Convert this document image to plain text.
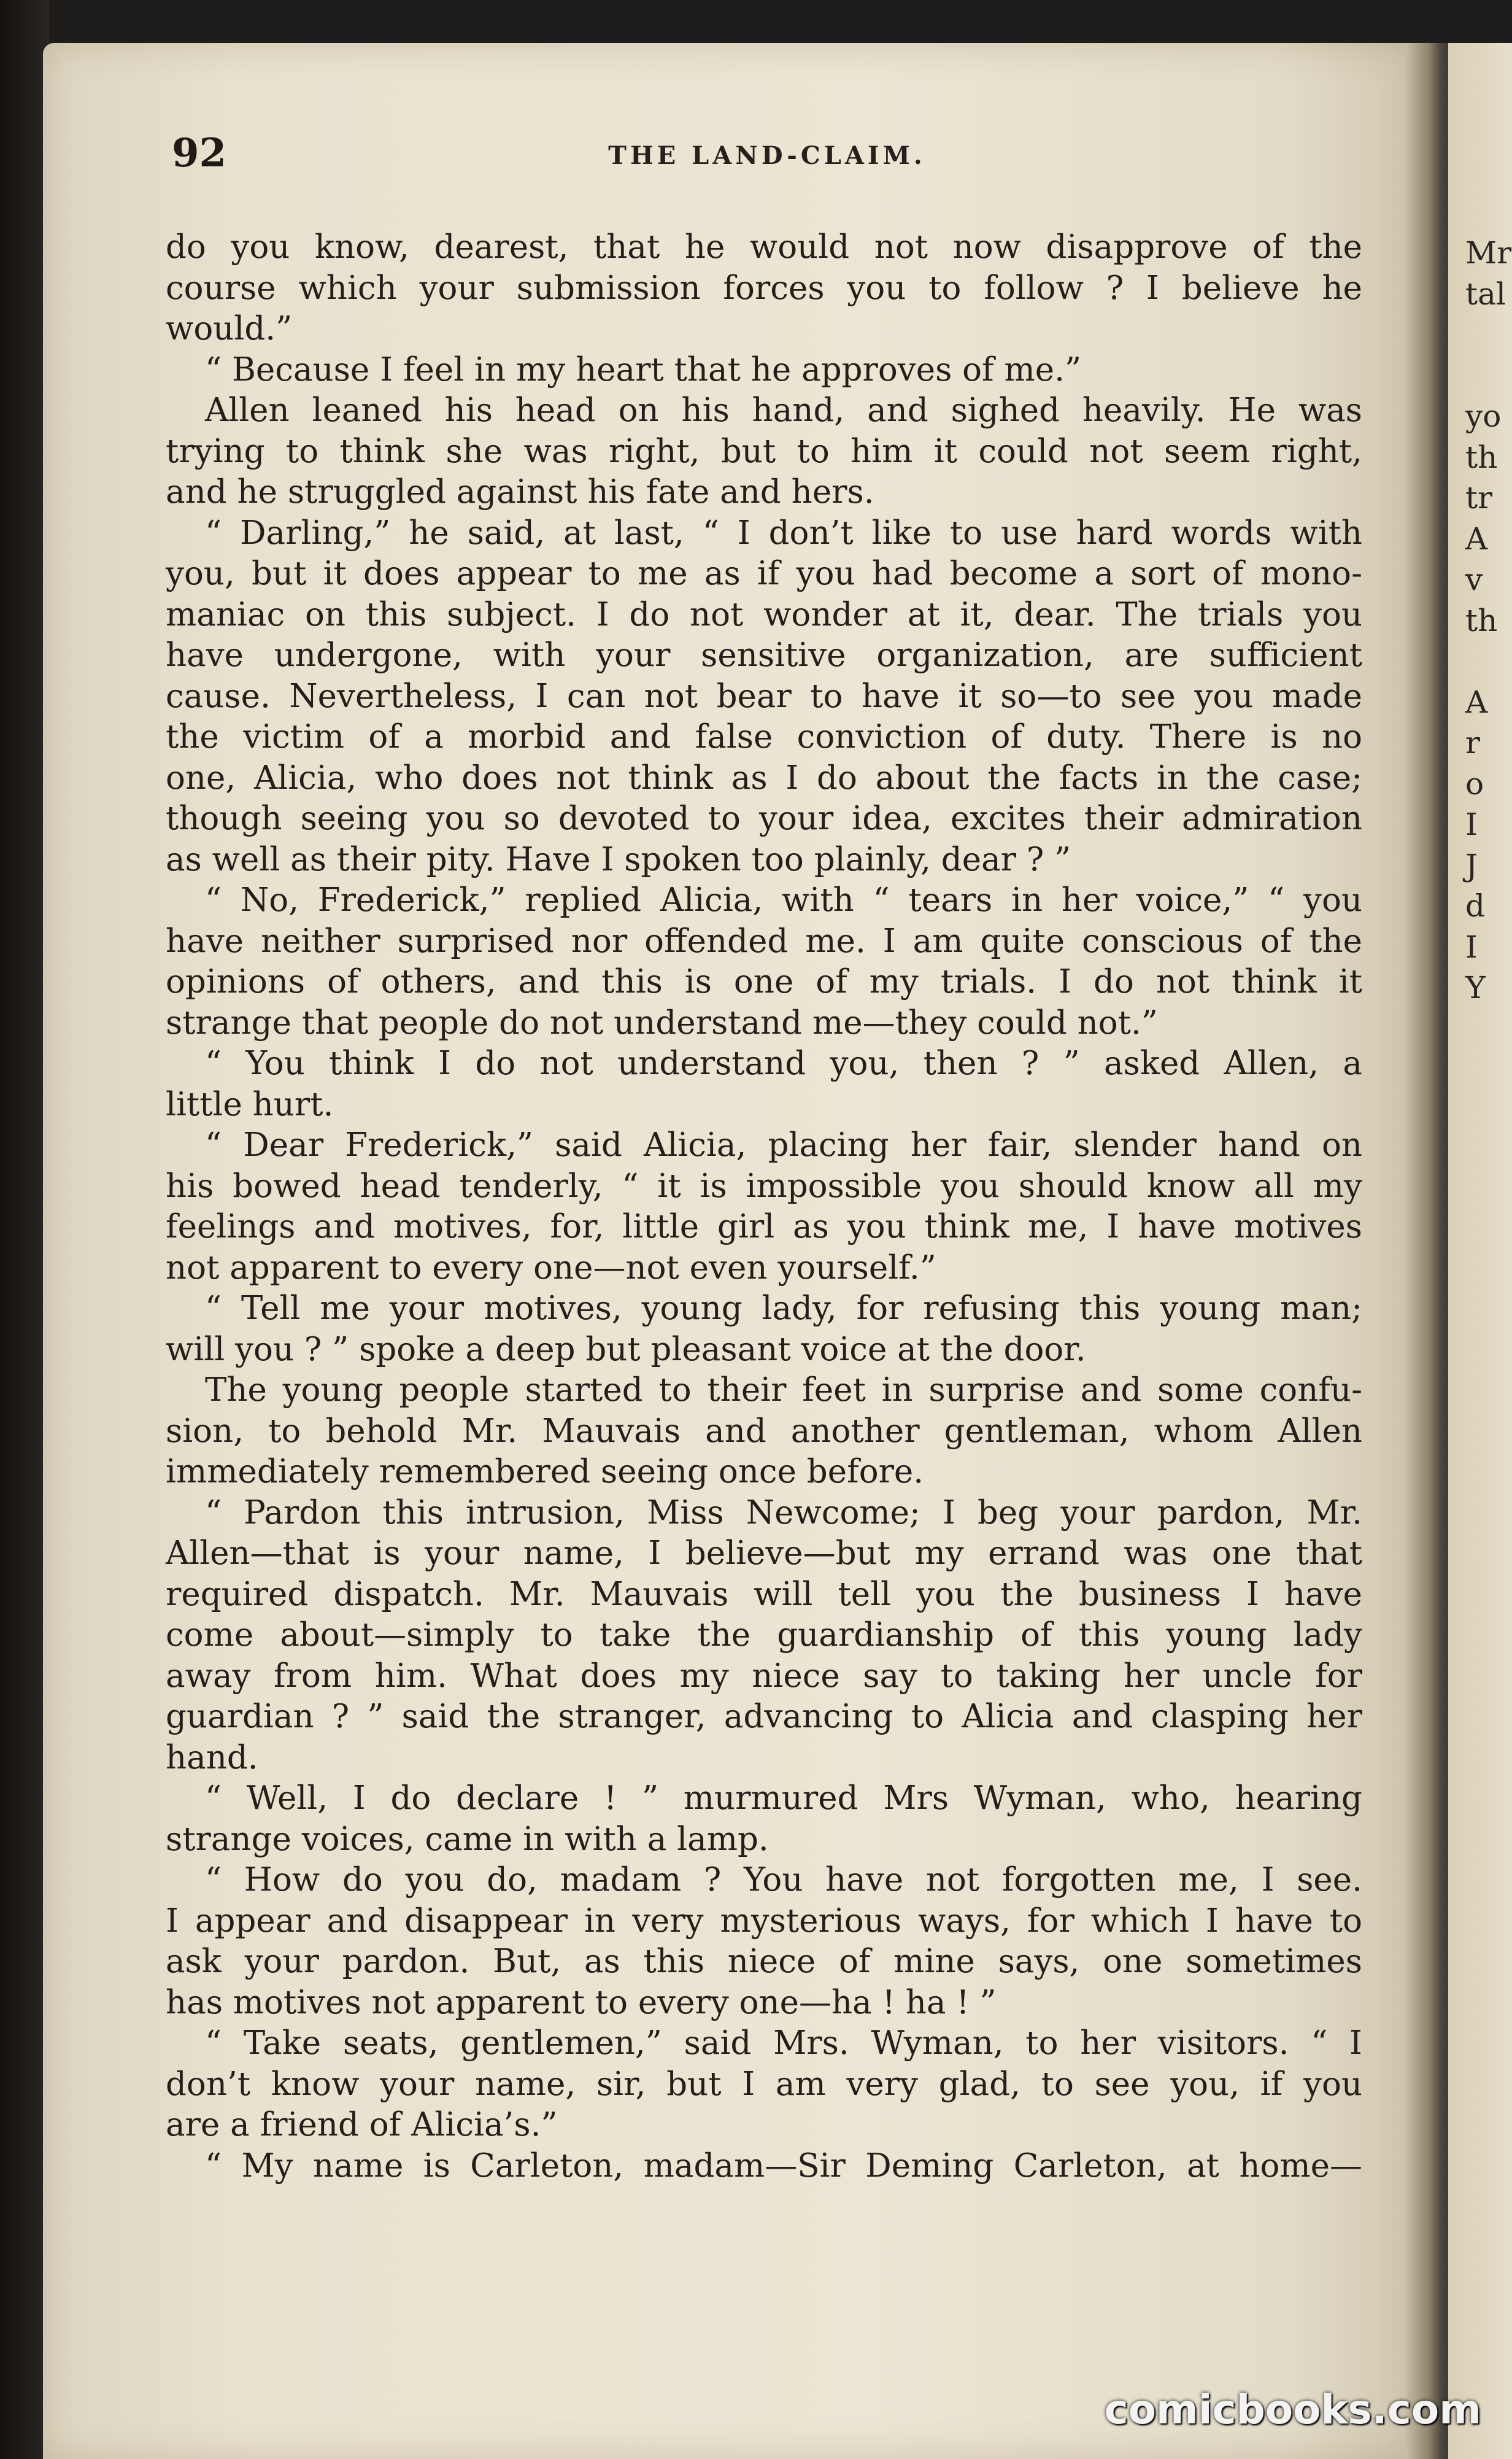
Mr
tal
yo
th
tr
A
v
th
A
r
o
I
J
d
I
Y
92	THE LAND-CLAIM.
do you know, dearest, that he would not now disapprove of the
course which your submission forces you to follow ? I believe he
would.”
“ Because I feel in my heart that he approves of me.”
Allen leaned his head on his hand, and sighed heavily. He was
trying to think she was right, but to him it could not seem right,
and he struggled against his fate and hers.
“ Darling,” he said, at last, “ I don’t like to use hard words with
you, but it does appear to me as if you had become a sort of mono-
maniac on this subject. I do not wonder at it, dear. The trials you
have undergone, with your sensitive organization, are sufficient
cause. Nevertheless, I can not bear to have it so—to see you made
the victim of a morbid and false conviction of duty. There is no
one, Alicia, who does not think as I do about the facts in the case;
though seeing you so devoted to your idea, excites their admiration
as well as their pity. Have I spoken too plainly, dear ? ”
“ No, Frederick,” replied Alicia, with “ tears in her voice,” “ you
have neither surprised nor offended me. I am quite conscious of the
opinions of others, and this is one of my trials. I do not think it
strange that people do not understand me—they could not.”
“ You think I do not understand you, then ? ” asked Allen, a
little hurt.
“ Dear Frederick,” said Alicia, placing her fair, slender hand on
his bowed head tenderly, “ it is impossible you should know all my
feelings and motives, for, little girl as you think me, I have motives
not apparent to every one—not even yourself.”
“ Tell me your motives, young lady, for refusing this young man;
will you ? ” spoke a deep but pleasant voice at the door.
The young people started to their feet in surprise and some confu-
sion, to behold Mr. Mauvais and another gentleman, whom Allen
immediately remembered seeing once before.
“ Pardon this intrusion, Miss Newcome; I beg your pardon, Mr.
Allen—that is your name, I believe—but my errand was one that
required dispatch. Mr. Mauvais will tell you the business I have
come about—simply to take the guardianship of this young lady
away from him. What does my niece say to taking her uncle for
guardian ? ” said the stranger, advancing to Alicia and clasping her
hand.
“ Well, I do declare ! ” murmured Mrs Wyman, who, hearing
strange voices, came in with a lamp.
“ How do you do, madam ? You have not forgotten me, I see.
I appear and disappear in very mysterious ways, for which I have to
ask your pardon. But, as this niece of mine says, one sometimes
has motives not apparent to every one—ha ! ha ! ”
“ Take seats, gentlemen,” said Mrs. Wyman, to her visitors. “ I
don’t know your name, sir, but I am very glad, to see you, if you
are a friend of Alicia’s.”
“ My name is Carleton, madam—Sir Deming Carleton, at home—
comicbooks.com
